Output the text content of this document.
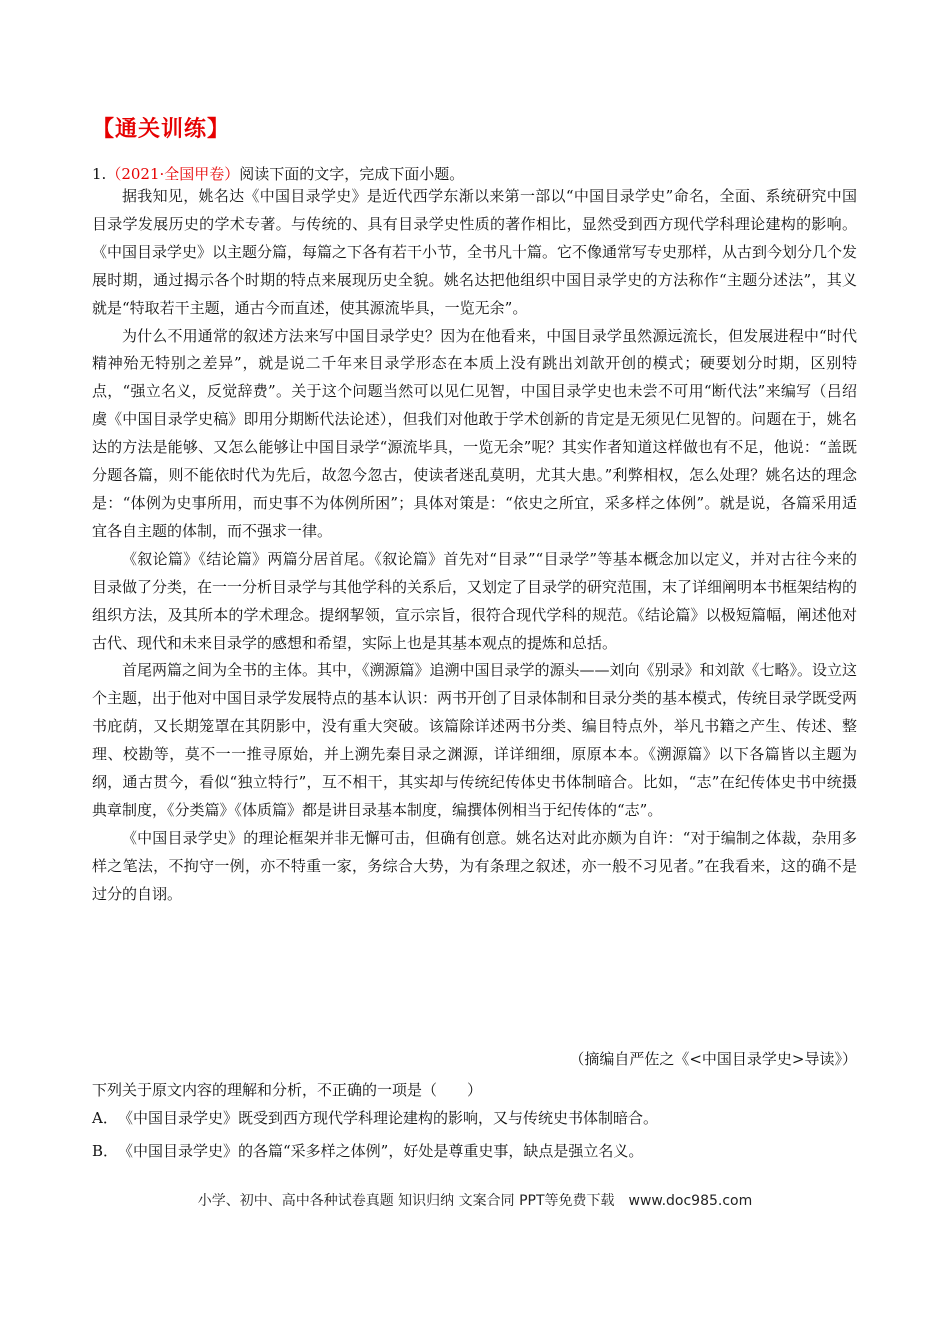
【通关训练】
1.（2021·全国甲卷）阅读下面的文字，完成下面小题。

据我知见，姚名达《中国目录学史》是近代西学东渐以来第一部以“中国目录学史”命名，全面、系统研究中国目录学发展历史的学术专著。与传统的、具有目录学史性质的著作相比，显然受到西方现代学科理论建构的影响。《中国目录学史》以主题分篇，每篇之下各有若干小节，全书凡十篇。它不像通常写专史那样，从古到今划分几个发展时期，通过揭示各个时期的特点来展现历史全貌。姚名达把他组织中国目录学史的方法称作“主题分述法”，其义就是“特取若干主题，通古今而直述，使其源流毕具，一览无余”。

为什么不用通常的叙述方法来写中国目录学史？因为在他看来，中国目录学虽然源远流长，但发展进程中“时代精神殆无特别之差异”，就是说二千年来目录学形态在本质上没有跳出刘歆开创的模式；硬要划分时期，区别特点，“强立名义，反觉辞费”。关于这个问题当然可以见仁见智，中国目录学史也未尝不可用“断代法”来编写（吕绍虞《中国目录学史稿》即用分期断代法论述），但我们对他敢于学术创新的肯定是无须见仁见智的。问题在于，姚名达的方法是能够、又怎么能够让中国目录学“源流毕具，一览无余”呢？其实作者知道这样做也有不足，他说：“盖既分题各篇，则不能依时代为先后，故忽今忽古，使读者迷乱莫明，尤其大患。”利弊相权，怎么处理？姚名达的理念是：“体例为史事所用，而史事不为体例所困”；具体对策是：“依史之所宜，采多样之体例”。就是说，各篇采用适宜各自主题的体制，而不强求一律。

《叙论篇》《结论篇》两篇分居首尾。《叙论篇》首先对“目录”“目录学”等基本概念加以定义，并对古往今来的目录做了分类，在一一分析目录学与其他学科的关系后，又划定了目录学的研究范围，末了详细阐明本书框架结构的组织方法，及其所本的学术理念。提纲挈领，宣示宗旨，很符合现代学科的规范。《结论篇》以极短篇幅，阐述他对古代、现代和未来目录学的感想和希望，实际上也是其基本观点的提炼和总括。

首尾两篇之间为全书的主体。其中，《溯源篇》追溯中国目录学的源头——刘向《别录》和刘歆《七略》。设立这个主题，出于他对中国目录学发展特点的基本认识：两书开创了目录体制和目录分类的基本模式，传统目录学既受两书庇荫，又长期笼罩在其阴影中，没有重大突破。该篇除详述两书分类、编目特点外，举凡书籍之产生、传述、整理、校勘等，莫不一一推寻原始，并上溯先秦目录之渊源，详详细细，原原本本。《溯源篇》以下各篇皆以主题为纲，通古贯今，看似“独立特行”，互不相干，其实却与传统纪传体史书体制暗合。比如，“志”在纪传体史书中统摄典章制度，《分类篇》《体质篇》都是讲目录基本制度，编撰体例相当于纪传体的“志”。

《中国目录学史》的理论框架并非无懈可击，但确有创意。姚名达对此亦颇为自许：“对于编制之体裁，杂用多样之笔法，不拘守一例，亦不特重一家，务综合大势，为有条理之叙述，亦一般不习见者。”在我看来，这的确不是过分的自诩。

（摘编自严佐之《<中国目录学史>导读》）
下列关于原文内容的理解和分析，不正确的一项是（　　）
A．《中国目录学史》既受到西方现代学科理论建构的影响，又与传统史书体制暗合。
B．《中国目录学史》的各篇“采多样之体例”，好处是尊重史事，缺点是强立名义。
小学、初中、高中各种试卷真题 知识归纳 文案合同 PPT等免费下载 www.doc985.com
